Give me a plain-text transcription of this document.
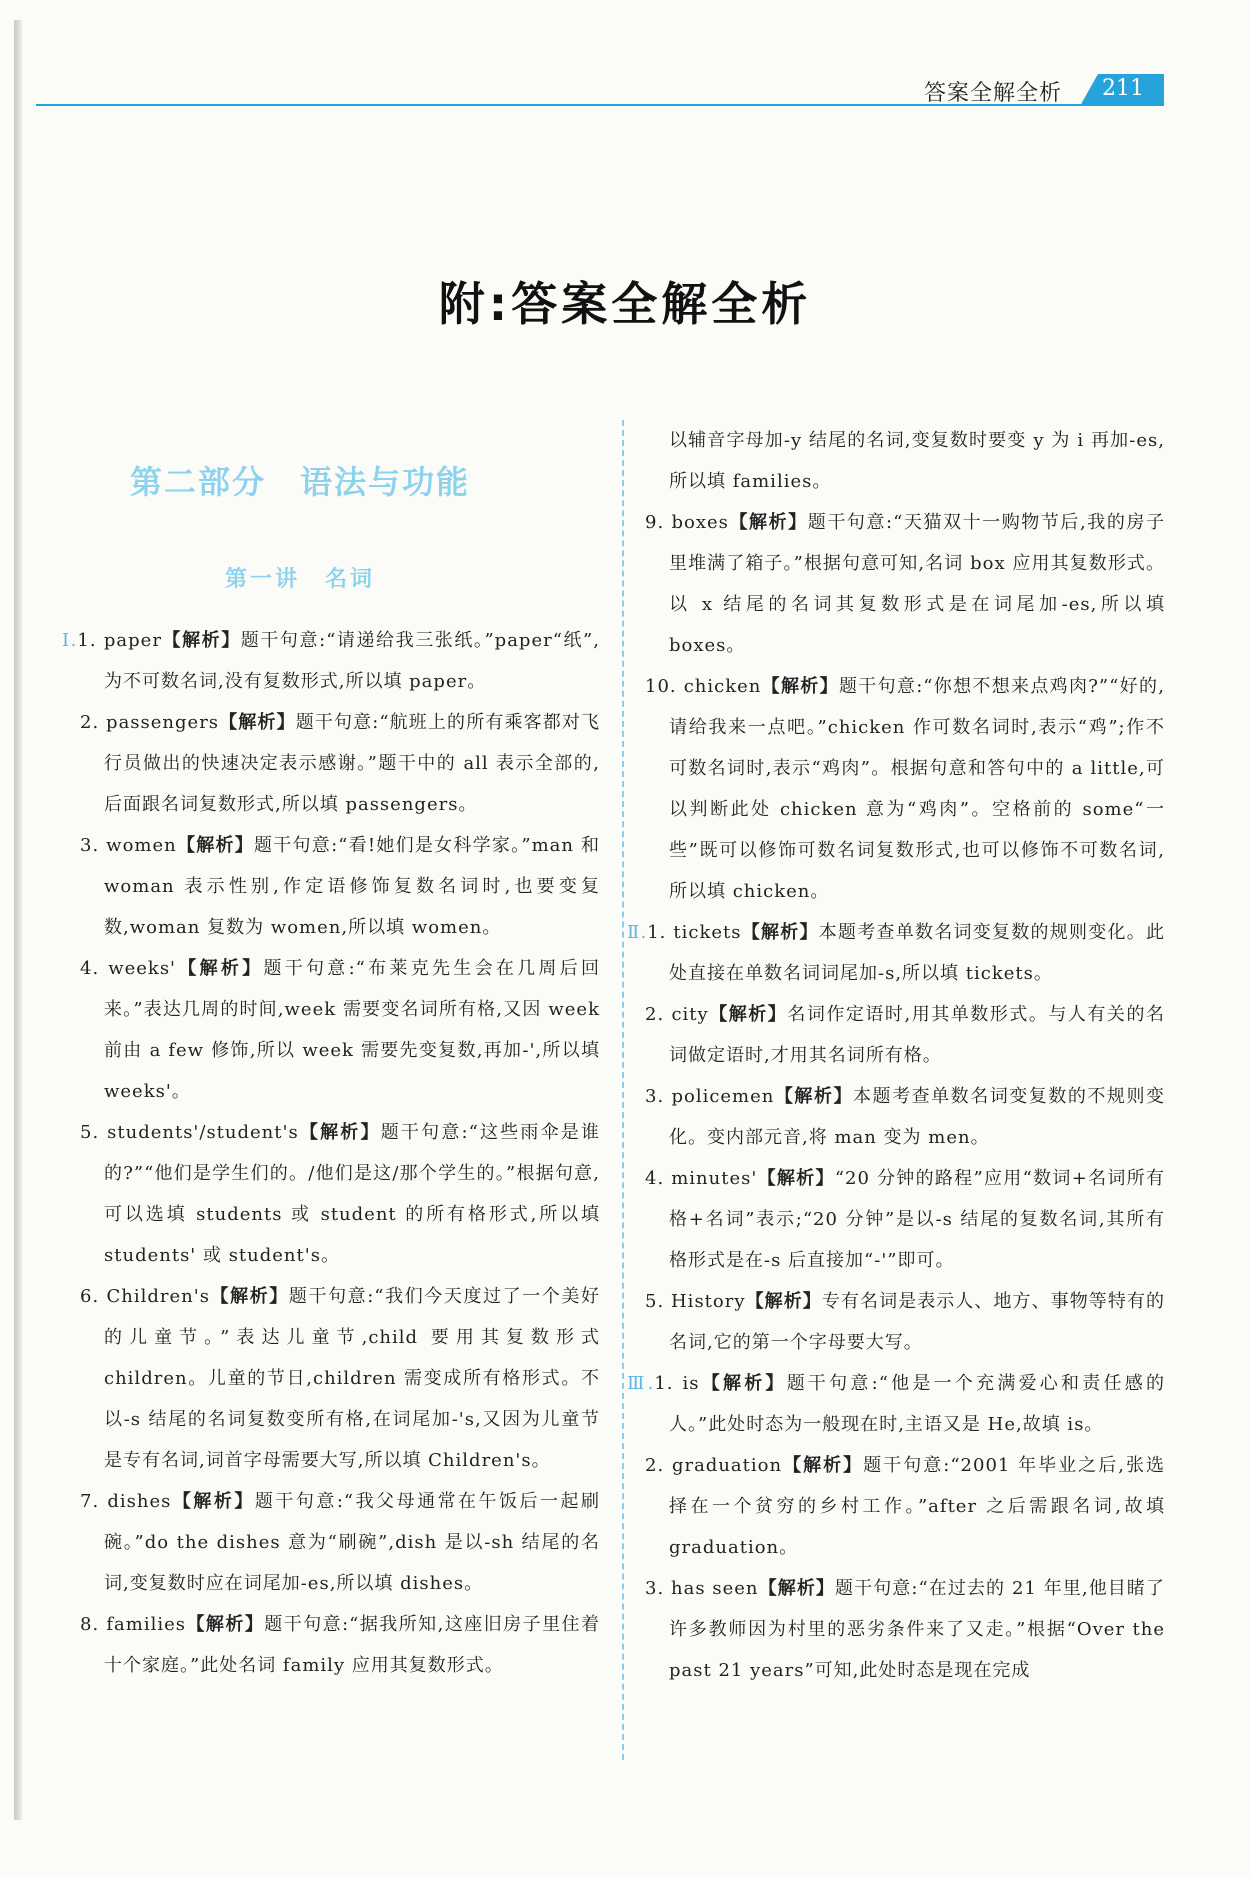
答案全解全析 211
附:答案全解全析
第二部分　语法与功能
第一讲　名词

Ⅰ.1. paper【解析】题干句意:“请递给我三张纸。”paper“纸”,为不可数名词,没有复数形式,所以填 paper。

2. passengers【解析】题干句意:“航班上的所有乘客都对飞行员做出的快速决定表示感谢。”题干中的 all 表示全部的,后面跟名词复数形式,所以填 passengers。

3. women【解析】题干句意:“看!她们是女科学家。”man 和 woman 表示性别,作定语修饰复数名词时,也要变复数,woman 复数为 women,所以填 women。

4. weeks'【解析】题干句意:“布莱克先生会在几周后回来。”表达几周的时间,week 需要变名词所有格,又因 week 前由 a few 修饰,所以 week 需要先变复数,再加-',所以填 weeks'。

5. students'/student's【解析】题干句意:“这些雨伞是谁的?”“他们是学生们的。/他们是这/那个学生的。”根据句意,可以选填 students 或 student 的所有格形式,所以填 students' 或 student's。

6. Children's【解析】题干句意:“我们今天度过了一个美好的儿童节。”表达儿童节,child 要用其复数形式 children。儿童的节日,children 需变成所有格形式。不以-s 结尾的名词复数变所有格,在词尾加-'s,又因为儿童节是专有名词,词首字母需要大写,所以填 Children's。

7. dishes【解析】题干句意:“我父母通常在午饭后一起刷碗。”do the dishes 意为“刷碗”,dish 是以-sh 结尾的名词,变复数时应在词尾加-es,所以填 dishes。

8. families【解析】题干句意:“据我所知,这座旧房子里住着十个家庭。”此处名词 family 应用其复数形式。

以辅音字母加-y 结尾的名词,变复数时要变 y 为 i 再加-es,所以填 families。

9. boxes【解析】题干句意:“天猫双十一购物节后,我的房子里堆满了箱子。”根据句意可知,名词 box 应用其复数形式。以 x 结尾的名词其复数形式是在词尾加-es,所以填 boxes。

10. chicken【解析】题干句意:“你想不想来点鸡肉?”“好的,请给我来一点吧。”chicken 作可数名词时,表示“鸡”;作不可数名词时,表示“鸡肉”。根据句意和答句中的 a little,可以判断此处 chicken 意为“鸡肉”。空格前的 some“一些”既可以修饰可数名词复数形式,也可以修饰不可数名词,所以填 chicken。

Ⅱ.1. tickets【解析】本题考查单数名词变复数的规则变化。此处直接在单数名词词尾加-s,所以填 tickets。

2. city【解析】名词作定语时,用其单数形式。与人有关的名词做定语时,才用其名词所有格。

3. policemen【解析】本题考查单数名词变复数的不规则变化。变内部元音,将 man 变为 men。

4. minutes'【解析】“20 分钟的路程”应用“数词+名词所有格+名词”表示;“20 分钟”是以-s 结尾的复数名词,其所有格形式是在-s 后直接加“-'”即可。

5. History【解析】专有名词是表示人、地方、事物等特有的名词,它的第一个字母要大写。

Ⅲ.1. is【解析】题干句意:“他是一个充满爱心和责任感的人。”此处时态为一般现在时,主语又是 He,故填 is。

2. graduation【解析】题干句意:“2001 年毕业之后,张选择在一个贫穷的乡村工作。”after 之后需跟名词,故填 graduation。

3. has seen【解析】题干句意:“在过去的 21 年里,他目睹了许多教师因为村里的恶劣条件来了又走。”根据“Over the past 21 years”可知,此处时态是现在完成
